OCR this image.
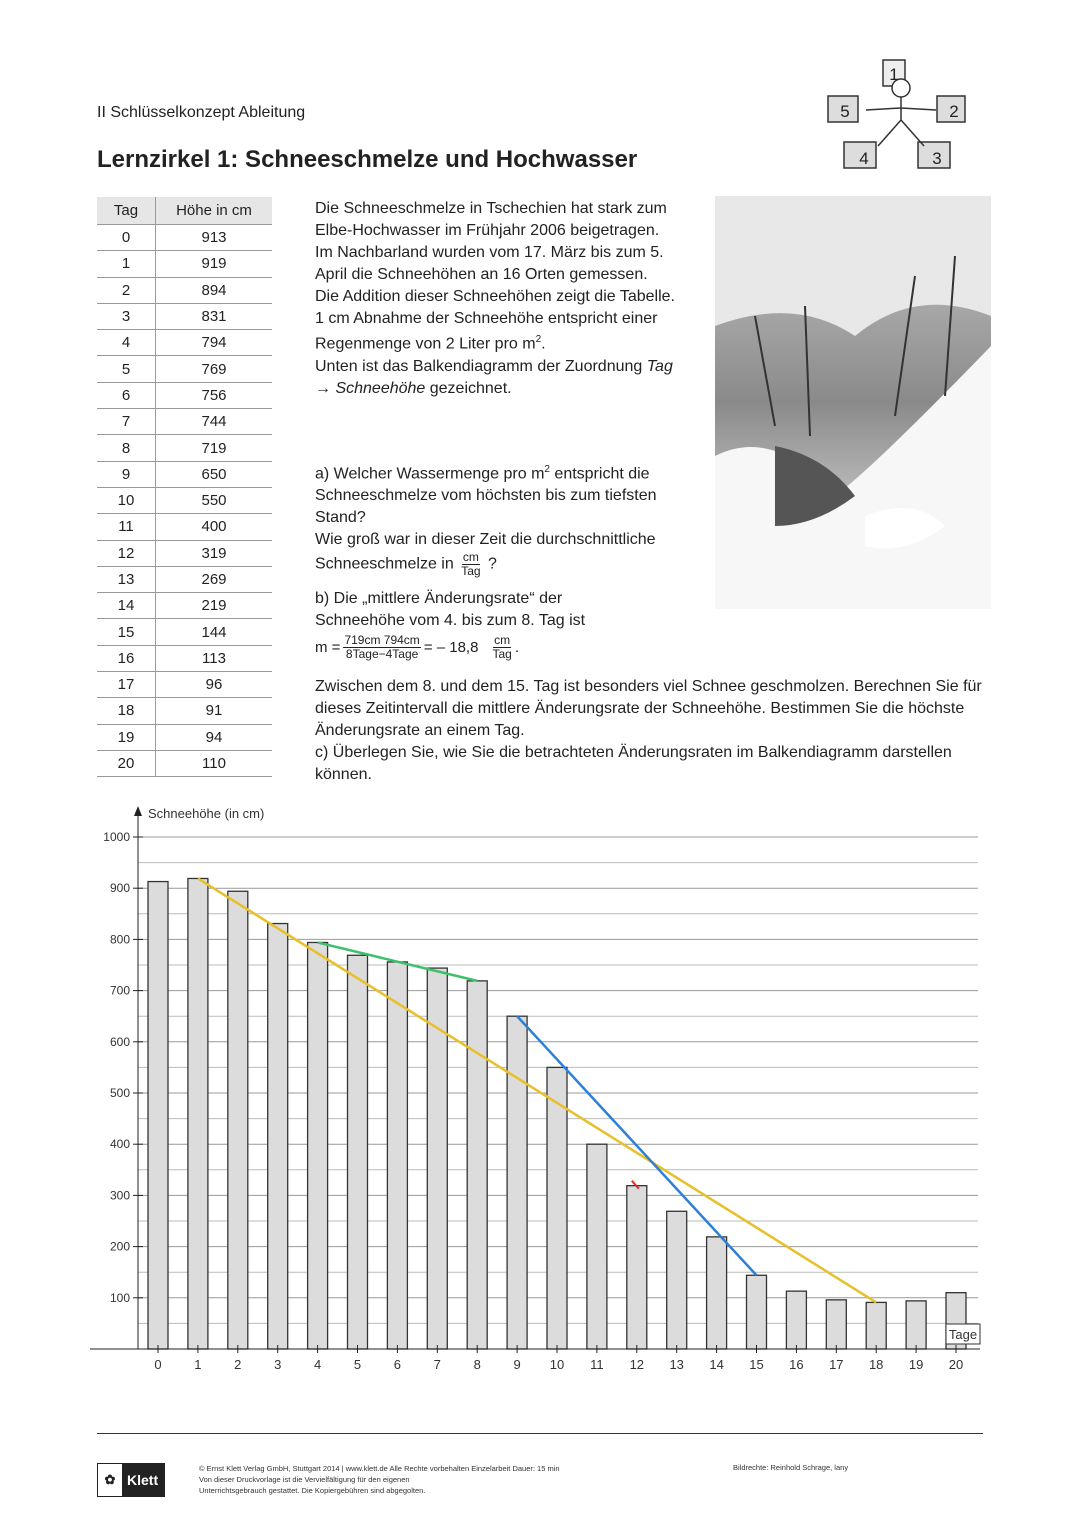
II Schlüsselkonzept Ableitung
Lernzirkel 1: Schneeschmelze und Hochwasser
1
2
3
4
5
Tag	Höhe in cm
0	913
1	919
2	894
3	831
4	794
5	769
6	756
7	744
8	719
9	650
10	550
11	400
12	319
13	269
14	219
15	144
16	113
17	96
18	91
19	94
20	110
Die Schneeschmelze in Tschechien hat stark zum Elbe-Hochwasser im Frühjahr 2006 beigetragen. Im Nachbarland wurden vom 17. März bis zum 5. April die Schneehöhen an 16 Orten gemessen. Die Addition dieser Schneehöhen zeigt die Tabelle. 1 cm Abnahme der Schneehöhe entspricht einer Regenmenge von 2 Liter pro $m^2$.
Unten ist das Balkendiagramm der Zuordnung Tag → Schneehöhe gezeichnet.
a) Welcher Wassermenge pro $m^2$ entspricht die Schneeschmelze vom höchsten bis zum tiefsten Stand?
Wie groß war in dieser Zeit die durchschnittliche Schneeschmelze in $\frac{cm}{\text{Tag}}$ ?
b) Die „mittlere Änderungsrate“ der Schneehöhe vom 4. bis zum 8. Tag ist
$m = \frac{719cm 794cm}{\text{8Tage−4Tage}}$ = – $18,8 \frac{cm}{\text{Tag}}$ .
Zwischen dem 8. und dem 15. Tag ist besonders viel Schnee geschmolzen. Berechnen Sie für dieses Zeitintervall die mittlere Änderungsrate der Schneehöhe. Bestimmen Sie die höchste Änderungsrate an einem Tag.
c) Überlegen Sie, wie Sie die betrachteten Änderungsraten im Balkendiagramm darstellen können.
Schneehöhe (in cm)
100
200
300
400
500
600
700
800
900
1000
0	1	2	3	4	5	6	7	8	9 10 11 12 13 14 15 16 17 18 19 20
Tage
✿ Klett
© Ernst Klett Verlag GmbH, Stuttgart 2014 | www.klett.de Alle Rechte vorbehalten Einzelarbeit Dauer: 15 min
Von dieser Druckvorlage ist die Vervielfältigung für den eigenen
Unterrichtsgebrauch gestattet. Die Kopiergebühren sind abgegolten.
Bildrechte: Reinhold Schrage, lany
